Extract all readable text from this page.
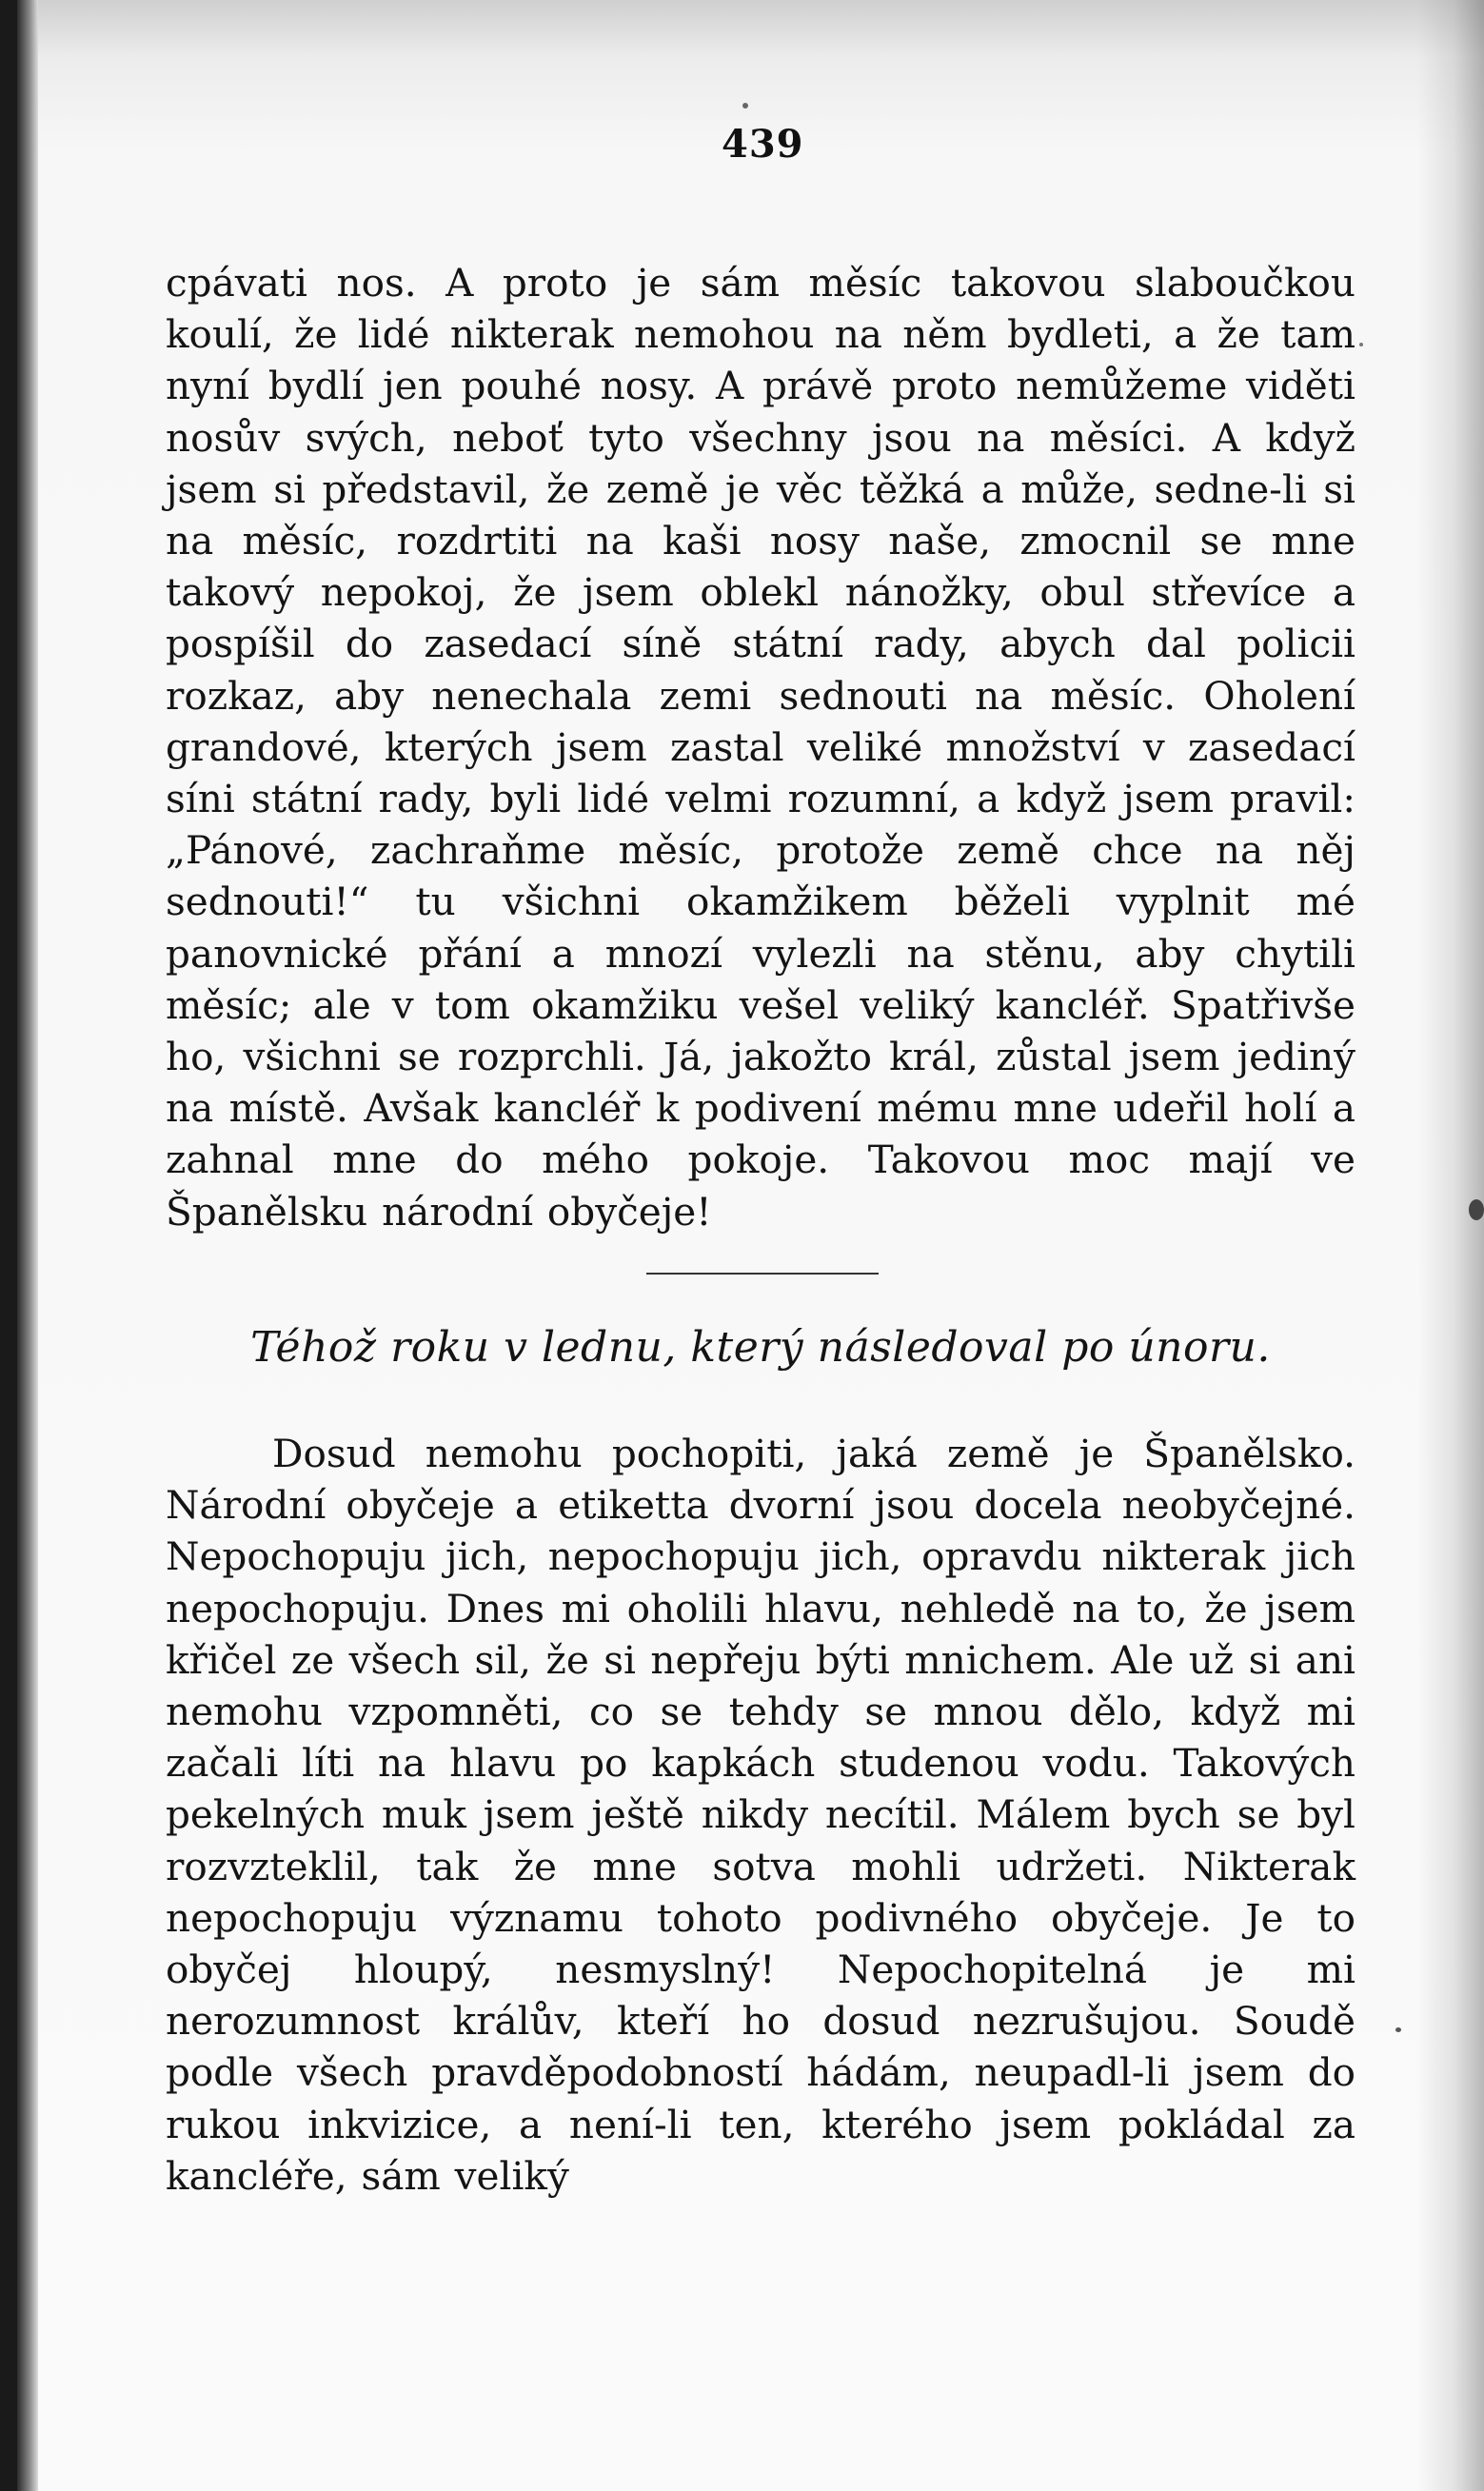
439

cpávati nos. A proto je sám měsíc takovou slaboučkou koulí, že lidé nikterak nemohou na něm bydleti, a že tam nyní bydlí jen pouhé nosy. A právě proto nemůžeme viděti nosův svých, neboť tyto všechny jsou na měsíci. A když jsem si představil, že země je věc těžká a může, sedne-li si na měsíc, rozdrtiti na kaši nosy naše, zmocnil se mne takový nepokoj, že jsem oblekl nánožky, obul střevíce a pospíšil do zasedací síně státní rady, abych dal policii rozkaz, aby nenechala zemi sednouti na měsíc. Oholení grandové, kterých jsem zastal veliké množství v zasedací síni státní rady, byli lidé velmi rozumní, a když jsem pravil: „Pánové, zachraňme měsíc, protože země chce na něj sednouti!“ tu všichni okamžikem běželi vyplnit mé panovnické přání a mnozí vylezli na stěnu, aby chytili měsíc; ale v tom okamžiku vešel veliký kancléř. Spatřivše ho, všichni se rozprchli. Já, jakožto král, zůstal jsem jediný na místě. Avšak kancléř k podivení mému mne udeřil holí a zahnal mne do mého pokoje. Takovou moc mají ve Španělsku národní obyčeje!

Téhož roku v lednu, který následoval po únoru.

Dosud nemohu pochopiti, jaká země je Španělsko. Národní obyčeje a etiketta dvorní jsou docela neobyčejné. Nepochopuju jich, nepochopuju jich, opravdu nikterak jich nepochopuju. Dnes mi oholili hlavu, nehledě na to, že jsem křičel ze všech sil, že si nepřeju býti mnichem. Ale už si ani nemohu vzpomněti, co se tehdy se mnou dělo, když mi začali líti na hlavu po kapkách studenou vodu. Takových pekelných muk jsem ještě nikdy necítil. Málem bych se byl rozvzteklil, tak že mne sotva mohli udržeti. Nikterak nepochopuju významu tohoto podivného obyčeje. Je to obyčej hloupý, nesmyslný! Nepochopitelná je mi nerozumnost králův, kteří ho dosud nezrušujou. Soudě podle všech pravděpodobností hádám, neupadl-li jsem do rukou inkvizice, a není-li ten, kterého jsem pokládal za kancléře, sám veliký
